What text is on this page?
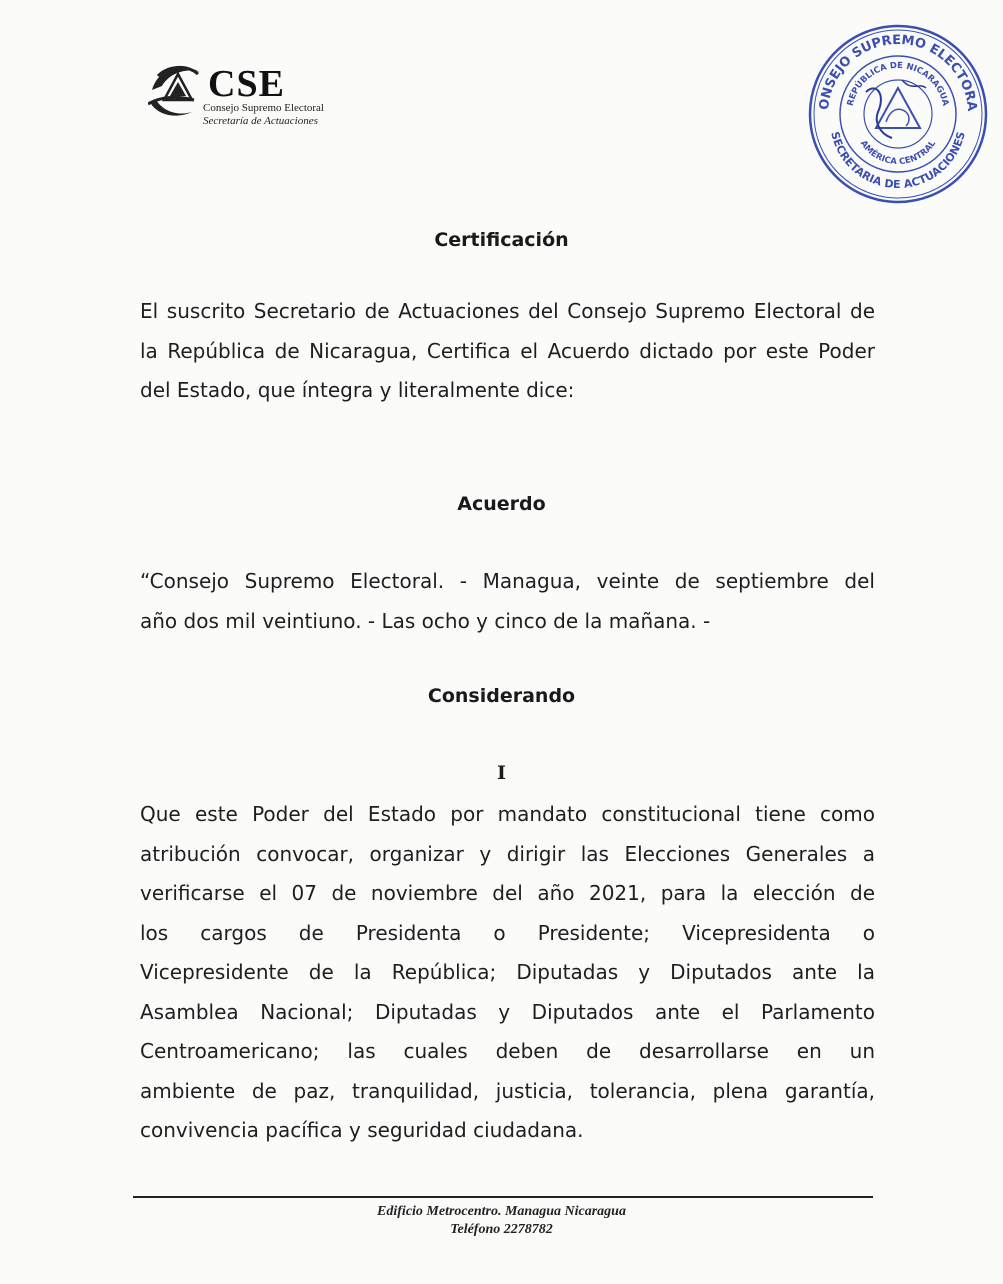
CSE
Consejo Supremo Electoral
Secretaría de Actuaciones
ONSEJO SUPREMO ELECTORA
SECRETARIA DE ACTUACIONES
REPÚBLICA DE NICARAGUA
AMÉRICA CENTRAL
Certificación
El suscrito Secretario de Actuaciones del Consejo Supremo Electoral de
la República de Nicaragua, Certifica el Acuerdo dictado por este Poder
del Estado, que íntegra y literalmente dice:
Acuerdo
“Consejo Supremo Electoral. - Managua, veinte de septiembre del
año dos mil veintiuno. - Las ocho y cinco de la mañana. -
Considerando
I
Que este Poder del Estado por mandato constitucional tiene como
atribución convocar, organizar y dirigir las Elecciones Generales a
verificarse el 07 de noviembre del año 2021, para la elección de
los cargos de Presidenta o Presidente; Vicepresidenta o
Vicepresidente de la República; Diputadas y Diputados ante la
Asamblea Nacional; Diputadas y Diputados ante el Parlamento
Centroamericano; las cuales deben de desarrollarse en un
ambiente de paz, tranquilidad, justicia, tolerancia, plena garantía,
convivencia pacífica y seguridad ciudadana.
Edificio Metrocentro. Managua Nicaragua
Teléfono 2278782
